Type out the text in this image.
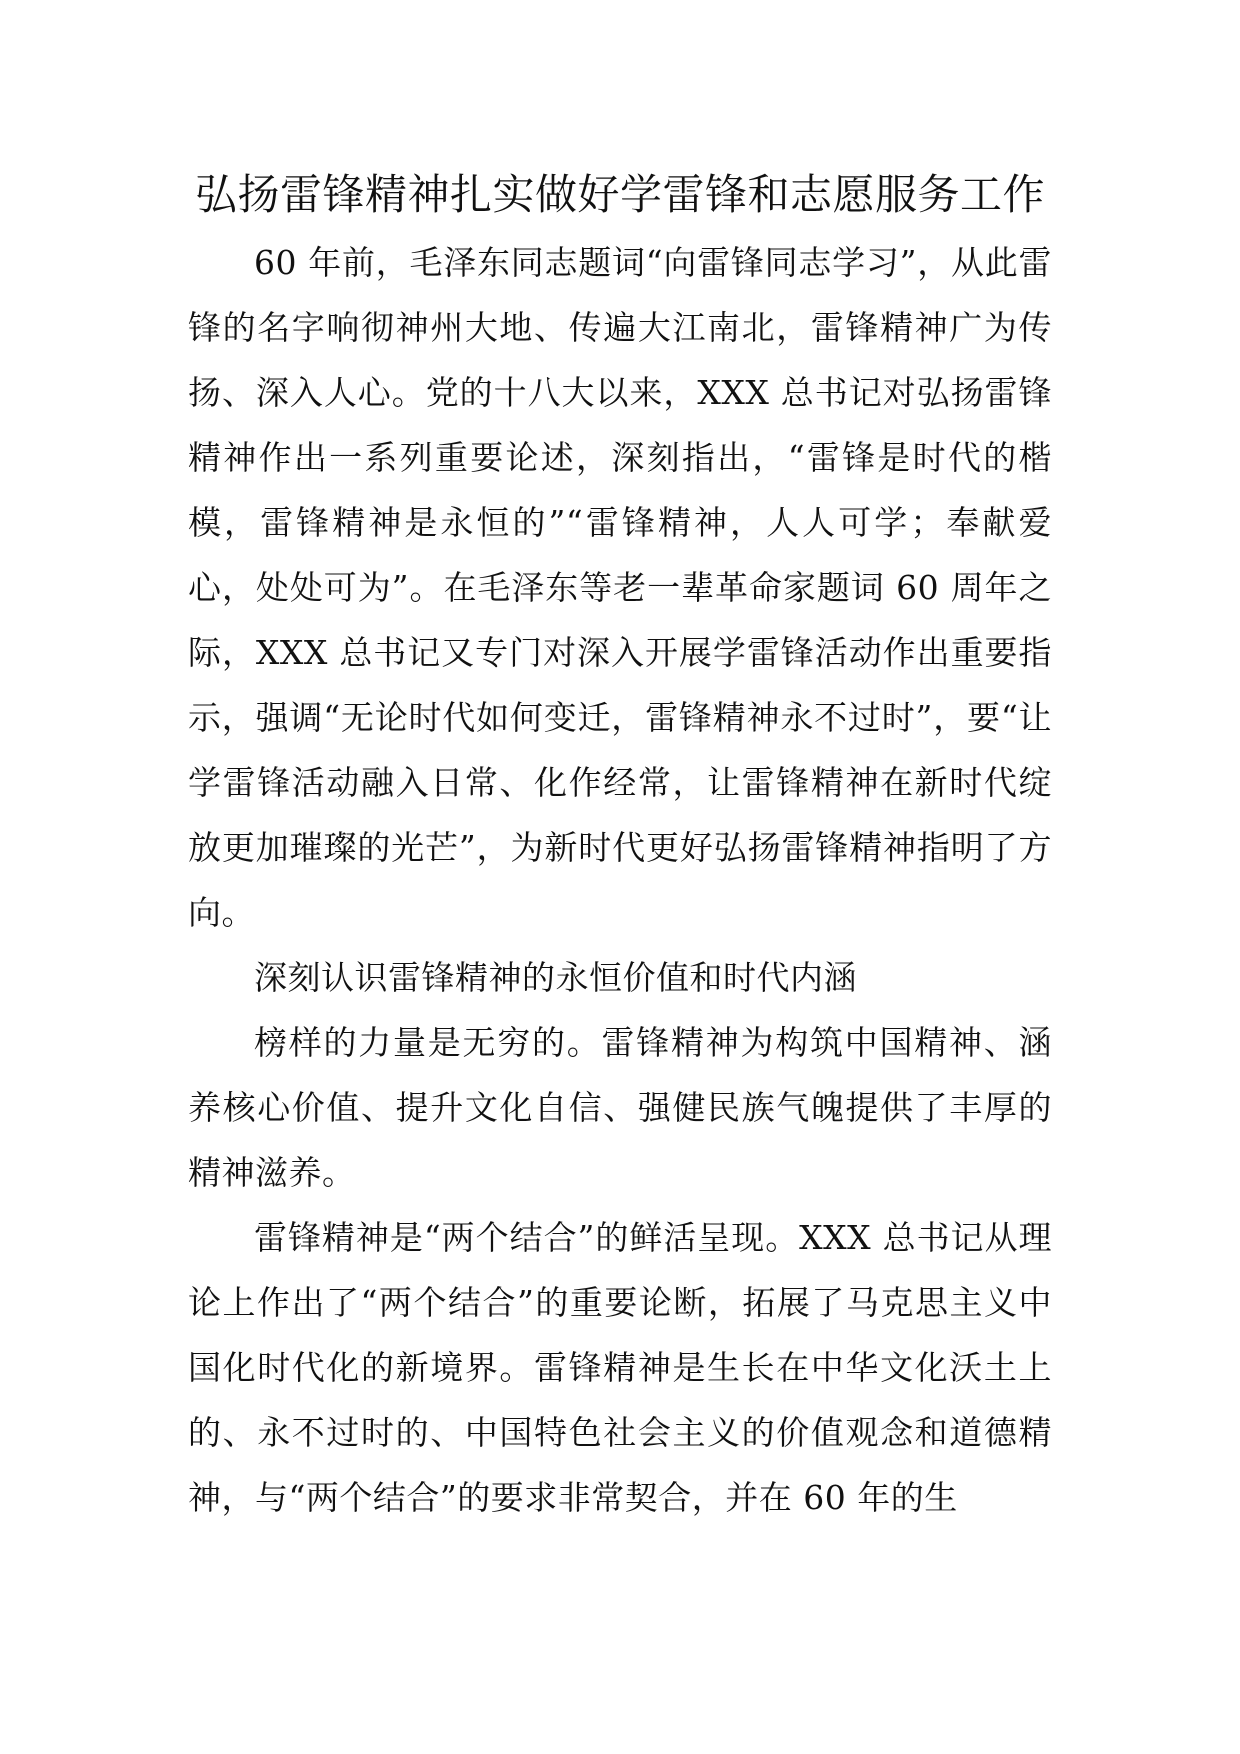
弘扬雷锋精神扎实做好学雷锋和志愿服务工作

60 年前，毛泽东同志题词“向雷锋同志学习”，从此雷锋的名字响彻神州大地、传遍大江南北，雷锋精神广为传扬、深入人心。党的十八大以来，XXX 总书记对弘扬雷锋精神作出一系列重要论述，深刻指出，“雷锋是时代的楷模，雷锋精神是永恒的”“雷锋精神，人人可学；奉献爱心，处处可为”。在毛泽东等老一辈革命家题词 60 周年之际，XXX 总书记又专门对深入开展学雷锋活动作出重要指示，强调“无论时代如何变迁，雷锋精神永不过时”，要“让学雷锋活动融入日常、化作经常，让雷锋精神在新时代绽放更加璀璨的光芒”，为新时代更好弘扬雷锋精神指明了方向。

深刻认识雷锋精神的永恒价值和时代内涵

榜样的力量是无穷的。雷锋精神为构筑中国精神、涵养核心价值、提升文化自信、强健民族气魄提供了丰厚的精神滋养。

雷锋精神是“两个结合”的鲜活呈现。XXX 总书记从理论上作出了“两个结合”的重要论断，拓展了马克思主义中国化时代化的新境界。雷锋精神是生长在中华文化沃土上的、永不过时的、中国特色社会主义的价值观念和道德精神，与“两个结合”的要求非常契合，并在 60 年的生
